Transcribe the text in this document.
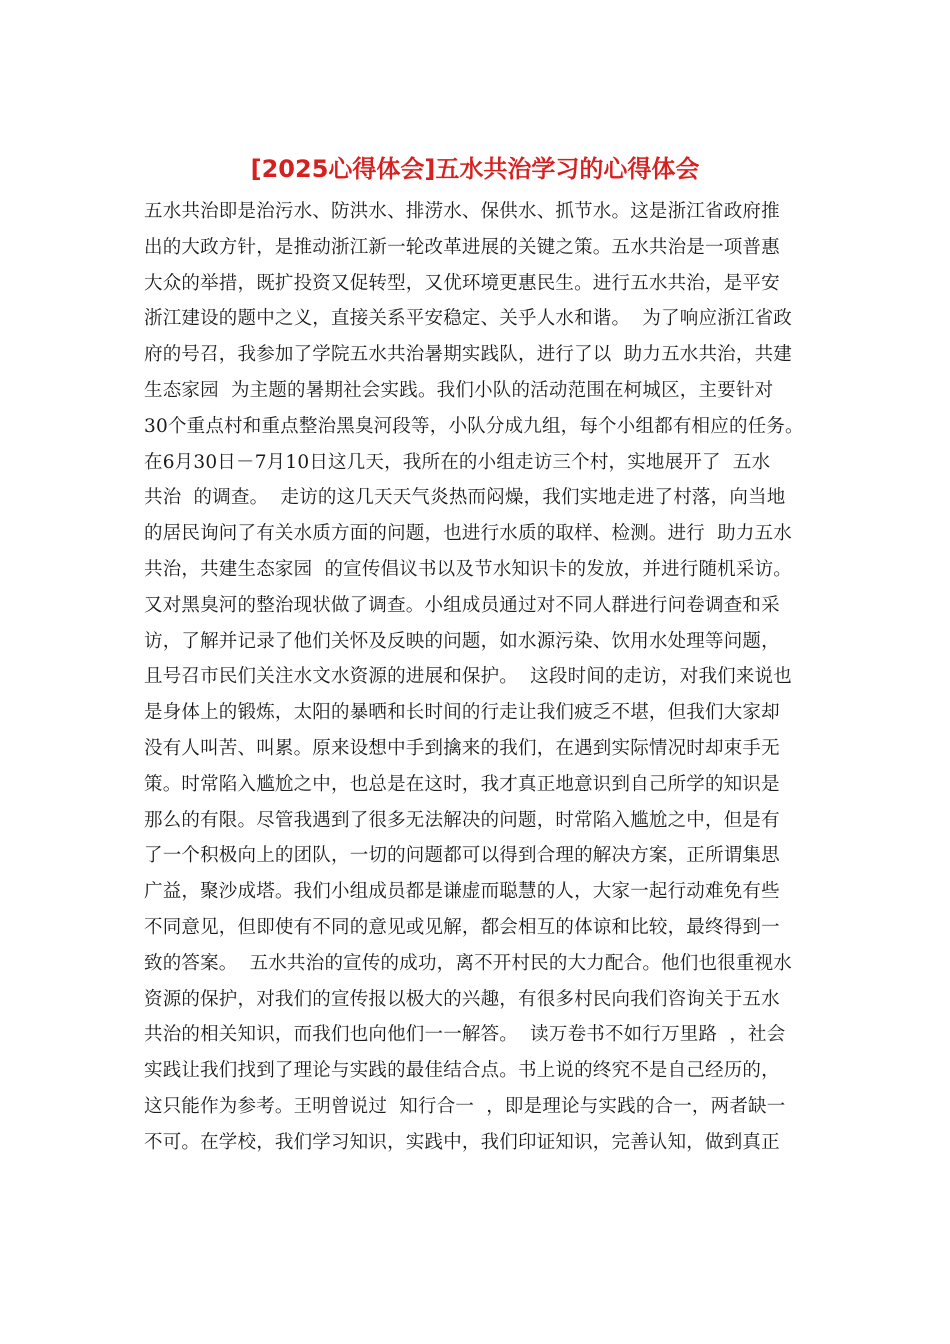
[2025心得体会]五水共治学习的心得体会
五水共治即是治污水、防洪水、排涝水、保供水、抓节水。这是浙江省政府推
出的大政方针，是推动浙江新一轮改革进展的关键之策。五水共治是一项普惠
大众的举措，既扩投资又促转型，又优环境更惠民生。进行五水共治，是平安
浙江建设的题中之义，直接关系平安稳定、关乎人水和谐。  为了响应浙江省政
府的号召，我参加了学院五水共治暑期实践队，进行了以  助力五水共治，共建
生态家园  为主题的暑期社会实践。我们小队的活动范围在柯城区，主要针对
30个重点村和重点整治黑臭河段等，小队分成九组，每个小组都有相应的任务。
在6月30日－7月10日这几天，我所在的小组走访三个村，实地展开了  五水
共治  的调查。  走访的这几天天气炎热而闷燥，我们实地走进了村落，向当地
的居民询问了有关水质方面的问题，也进行水质的取样、检测。进行  助力五水
共治，共建生态家园  的宣传倡议书以及节水知识卡的发放，并进行随机采访。
又对黑臭河的整治现状做了调查。小组成员通过对不同人群进行问卷调查和采
访，了解并记录了他们关怀及反映的问题，如水源污染、饮用水处理等问题，
且号召市民们关注水文水资源的进展和保护。  这段时间的走访，对我们来说也
是身体上的锻炼，太阳的暴晒和长时间的行走让我们疲乏不堪，但我们大家却
没有人叫苦、叫累。原来设想中手到擒来的我们，在遇到实际情况时却束手无
策。时常陷入尴尬之中，也总是在这时，我才真正地意识到自己所学的知识是
那么的有限。尽管我遇到了很多无法解决的问题，时常陷入尴尬之中，但是有
了一个积极向上的团队，一切的问题都可以得到合理的解决方案，正所谓集思
广益，聚沙成塔。我们小组成员都是谦虚而聪慧的人，大家一起行动难免有些
不同意见，但即使有不同的意见或见解，都会相互的体谅和比较，最终得到一
致的答案。  五水共治的宣传的成功，离不开村民的大力配合。他们也很重视水
资源的保护，对我们的宣传报以极大的兴趣，有很多村民向我们咨询关于五水
共治的相关知识，而我们也向他们一一解答。  读万卷书不如行万里路  ，社会
实践让我们找到了理论与实践的最佳结合点。书上说的终究不是自己经历的，
这只能作为参考。王明曾说过  知行合一  ，即是理论与实践的合一，两者缺一
不可。在学校，我们学习知识，实践中，我们印证知识，完善认知，做到真正
